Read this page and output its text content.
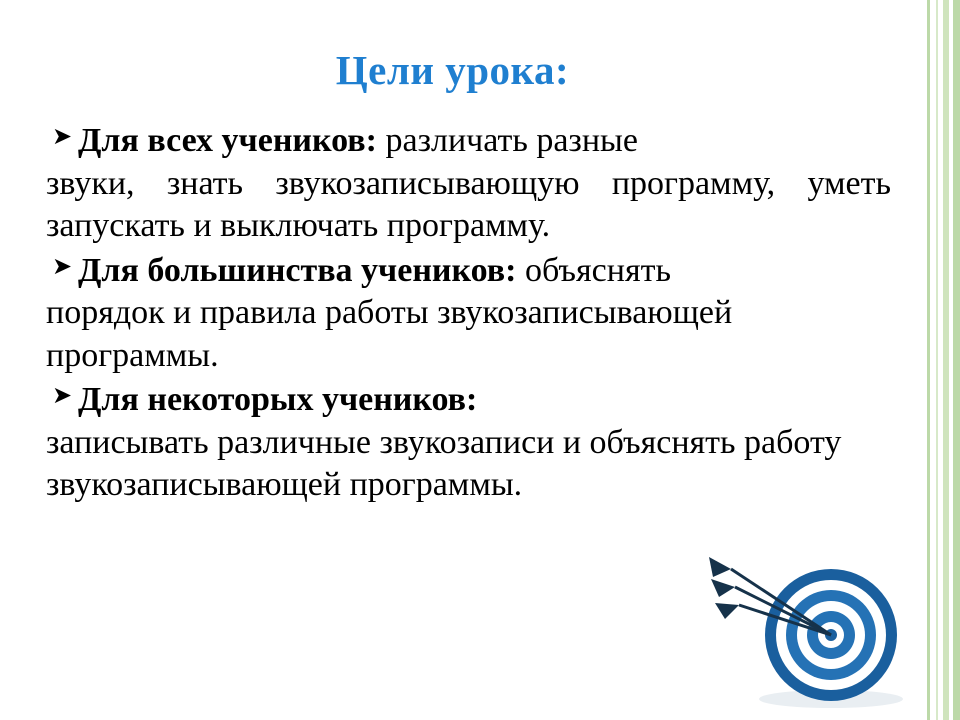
Цели урока:
➤ Для всех учеников: различать разные
звуки, знать звукозаписывающую программу, уметь запускать и выключать программу.
➤ Для большинства учеников: объяснять
порядок и правила работы звукозаписывающей программы.
➤ Для некоторых учеников:
записывать различные звукозаписи и объяснять работу звукозаписывающей программы.
